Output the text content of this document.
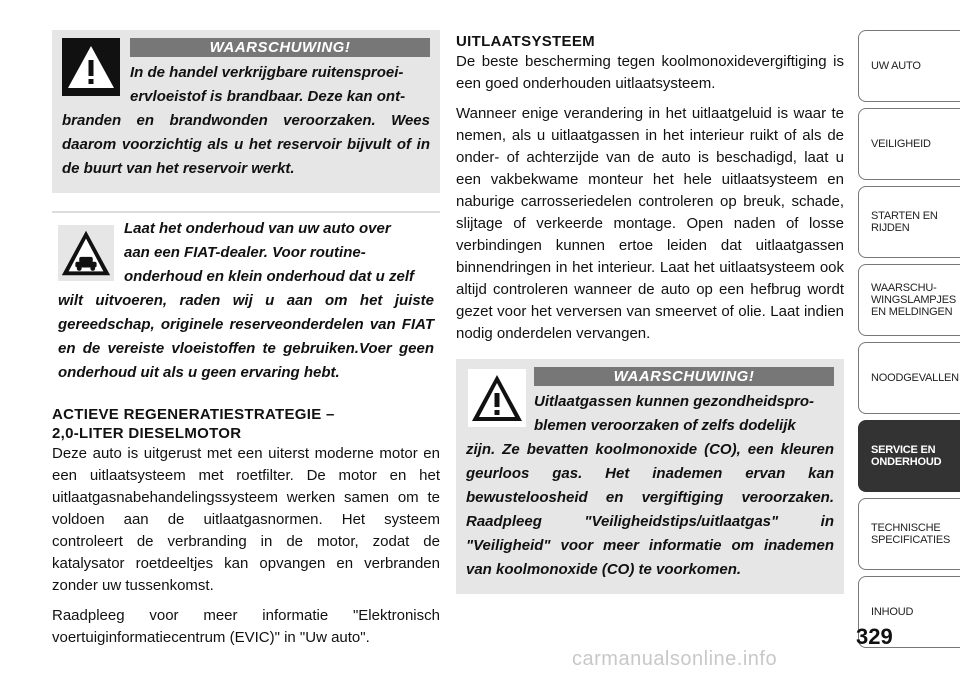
WAARSCHUWING!
In de handel verkrijgbare ruitensproei-
ervloeistof is brandbaar. Deze kan ont-
branden en brandwonden veroorzaken. Wees daarom voorzichtig als u het reservoir bijvult of in de buurt van het reservoir werkt.
Laat het onderhoud van uw auto over
aan een FIAT-dealer. Voor routine-
onderhoud en klein onderhoud dat u zelf
wilt uitvoeren, raden wij u aan om het juiste gereedschap, originele reserveonderdelen van FIAT en de vereiste vloeistoffen te gebruiken.Voer geen onderhoud uit als u geen ervaring hebt.
ACTIEVE REGENERATIESTRATEGIE –
2,0-LITER DIESELMOTOR

Deze auto is uitgerust met een uiterst moderne motor en een uitlaatsysteem met roetfilter. De motor en het uitlaatgasnabehandelingssysteem werken samen om te voldoen aan de uitlaatgasnormen. Het systeem controleert de verbranding in de motor, zodat de katalysator roetdeeltjes kan opvangen en verbranden zonder uw tussenkomst.

Raadpleeg voor meer informatie "Elektronisch voertuiginformatiecentrum (EVIC)" in "Uw auto".

UITLAATSYSTEEM

De beste bescherming tegen koolmonoxidevergiftiging is een goed onderhouden uitlaatsysteem.

Wanneer enige verandering in het uitlaatgeluid is waar te nemen, als u uitlaatgassen in het interieur ruikt of als de onder- of achterzijde van de auto is beschadigd, laat u een vakbekwame monteur het hele uitlaatsysteem en naburige carrosseriedelen controleren op breuk, schade, slijtage of verkeerde montage. Open naden of losse verbindingen kunnen ertoe leiden dat uitlaatgassen binnendringen in het interieur. Laat het uitlaatsysteem ook altijd controleren wanneer de auto op een hefbrug wordt gezet voor het verversen van smeervet of olie. Laat indien nodig onderdelen vervangen.

WAARSCHUWING!
Uitlaatgassen kunnen gezondheidspro-
blemen veroorzaken of zelfs dodelijk
zijn. Ze bevatten koolmonoxide (CO), een kleuren geurloos gas. Het inademen ervan kan bewusteloosheid en vergiftiging veroorzaken. Raadpleeg "Veiligheidstips/uitlaatgas" in "Veiligheid" voor meer informatie om inademen van koolmonoxide (CO) te voorkomen.
UW AUTO
VEILIGHEID
STARTEN EN RIJDEN
WAARSCHU-WINGSLAMPJES EN MELDINGEN
NOODGEVALLEN
SERVICE EN ONDERHOUD
TECHNISCHE SPECIFICATIES
INHOUD
329
carmanualsonline.info
